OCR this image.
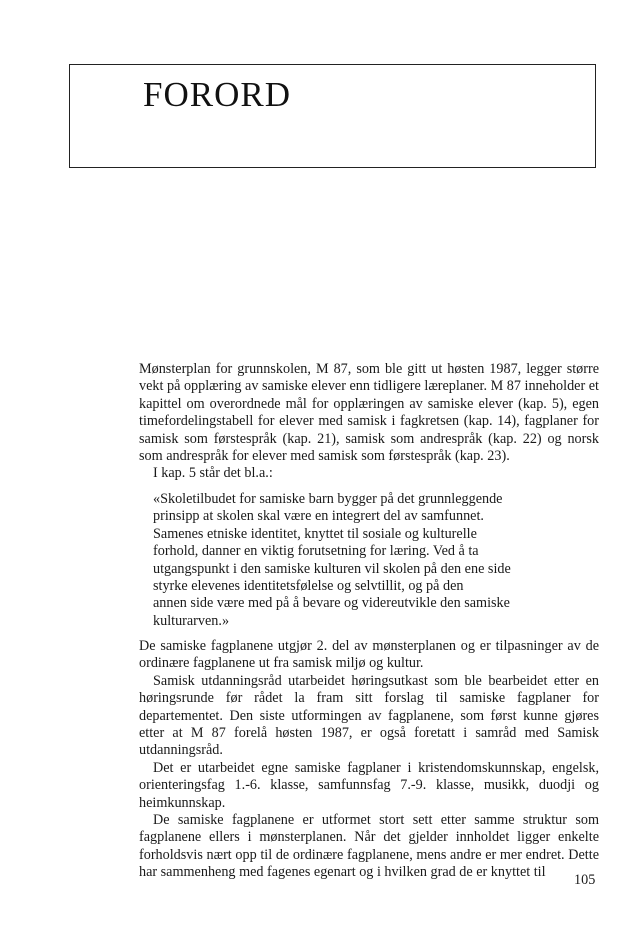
FORORD

Mønsterplan for grunnskolen, M 87, som ble gitt ut høsten 1987, legger større vekt på opplæring av samiske elever enn tidligere læreplaner. M 87 inneholder et kapittel om overordnede mål for opplæringen av samiske elever (kap. 5), egen timefordelingstabell for elever med samisk i fagkretsen (kap. 14), fagplaner for samisk som førstespråk (kap. 21), samisk som andrespråk (kap. 22) og norsk som andrespråk for elever med samisk som førstespråk (kap. 23).

I kap. 5 står det bl.a.:

«Skoletilbudet for samiske barn bygger på det grunnleggende
prinsipp at skolen skal være en integrert del av samfunnet.
Samenes etniske identitet, knyttet til sosiale og kulturelle
forhold, danner en viktig forutsetning for læring. Ved å ta
utgangspunkt i den samiske kulturen vil skolen på den ene side
styrke elevenes identitetsfølelse og selvtillit, og på den
annen side være med på å bevare og videreutvikle den samiske
kulturarven.»

De samiske fagplanene utgjør 2. del av mønsterplanen og er tilpasninger av de ordinære fagplanene ut fra samisk miljø og kultur.

Samisk utdanningsråd utarbeidet høringsutkast som ble bearbeidet etter en høringsrunde før rådet la fram sitt forslag til samiske fagplaner for departementet. Den siste utformingen av fagplanene, som først kunne gjøres etter at M 87 forelå høsten 1987, er også foretatt i samråd med Samisk utdanningsråd.

Det er utarbeidet egne samiske fagplaner i kristendomskunnskap, engelsk, orienteringsfag 1.-6. klasse, samfunnsfag 7.-9. klasse, musikk, duodji og heimkunnskap.

De samiske fagplanene er utformet stort sett etter samme struktur som fagplanene ellers i mønsterplanen. Når det gjelder innholdet ligger enkelte forholdsvis nært opp til de ordinære fagplanene, mens andre er mer endret. Dette har sammenheng med fagenes egenart og i hvilken grad de er knyttet til	105
